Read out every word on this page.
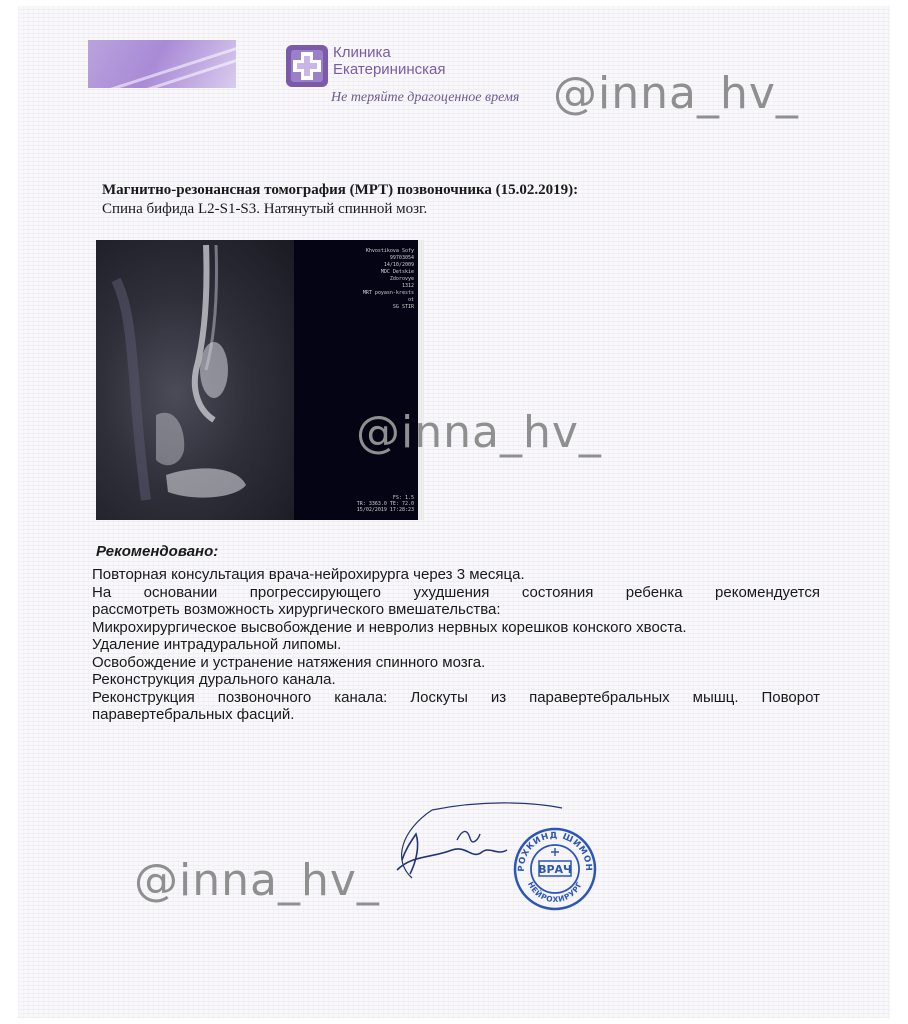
Клиника
Екатерининская
Не теряйте драгоценное время
Магнитно-резонансная томография (МРТ) позвоночника (15.02.2019):
Спина бифида L2-S1-S3. Натянутый спинной мозг.
Khvostikova Sofy
99703054
14/10/2009
MDC Detskie Zdorovye
1312
MRT poyasn-krests ot
SG STIR
FS: 1.5
TR: 3363.0 TE: 72.0
15/02/2019 17:28:23
Рекомендовано:

Повторная консультация врача-нейрохирурга через 3 месяца.

На основании прогрессирующего ухудшения состояния ребенка рекомендуется

рассмотреть возможность хирургического вмешательства:

Микрохирургическое высвобождение и невролиз нервных корешков конского хвоста.

Удаление интрадуральной липомы.

Освобождение и устранение натяжения спинного мозга.

Реконструкция дурального канала.

Реконструкция позвоночного канала: Лоскуты из паравертебральных мышц. Поворот

паравертебральных фасций.

РОХКИНД ШИМОН
НЕЙРОХИРУРГ
ВРАЧ
@inna_hv_
@inna_hv_
@inna_hv_
